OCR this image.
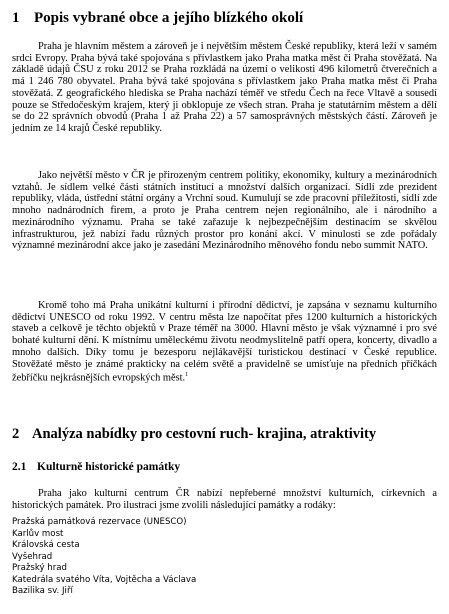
1 Popis vybrané obce a jejího blízkého okolí

Praha je hlavním městem a zároveň je i největším městem České republiky, která leží v samém srdci Evropy. Praha bývá také spojována s přívlastkem jako Praha matka měst či Praha stověžatá. Na základě údajů ČSU z roku 2012 se Praha rozkládá na území o velikosti 496 kilometrů čtverečních a má 1 246 780 obyvatel. Praha bývá také spojována s přívlastkem jako Praha matka měst či Praha stověžatá. Z geografického hlediska se Praha nachází téměř ve středu Čech na řece Vltavě a sousedí pouze se Středočeským krajem, který ji obklopuje ze všech stran. Praha je statutárním městem a dělí se do 22 správních obvodů (Praha 1 až Praha 22) a 57 samosprávných městských částí. Zároveň je jedním ze 14 krajů České republiky.

Jako největší město v ČR je přirozeným centrem politiky, ekonomiky, kultury a mezinárodních vztahů. Je sídlem velké části státních institucí a množství dalších organizací. Sídlí zde prezident republiky, vláda, ústřední státní orgány a Vrchní soud. Kumulují se zde pracovní příležitosti, sídlí zde mnoho nadnárodních firem, a proto je Praha centrem nejen regionálního, ale i národního a mezinárodního významu. Praha se také zařazuje k nejbezpečnějším destinacím se skvělou infrastrukturou, jež nabízí řadu různých prostor pro konání akcí. V minulosti se zde pořádaly významné mezinárodní akce jako je zasedání Mezinárodního měnového fondu nebo summit NATO.

Kromě toho má Praha unikátní kulturní i přírodní dědictví, je zapsána v seznamu kulturního dědictví UNESCO od roku 1992. V centru města lze napočítat přes 1200 kulturních a historických staveb a celkově je těchto objektů v Praze téměř na 3000. Hlavní město je však významné i pro své bohaté kulturní dění. K místnímu uměleckému životu neodmyslitelně patří opera, koncerty, divadlo a mnoho dalších. Díky tomu je bezesporu nejlákavější turistickou destinací v České republice. Stověžaté město je známé prakticky na celém světě a pravidelně se umísťuje na předních příčkách žebříčku nejkrásnějších evropských měst.$^1$

2 Analýza nabídky pro cestovní ruch- krajina, atraktivity
2.1 Kulturně historické památky

Praha jako kulturní centrum ČR nabízí nepřeberné množství kulturních, církevních a historických památek. Pro ilustraci jsme zvolili následující památky a rodáky:

Pražská památková rezervace (UNESCO)
Karlův most
Královská cesta
Vyšehrad
Pražský hrad
Katedrála svatého Víta, Vojtěcha a Václava
Bazilika sv. Jiří
